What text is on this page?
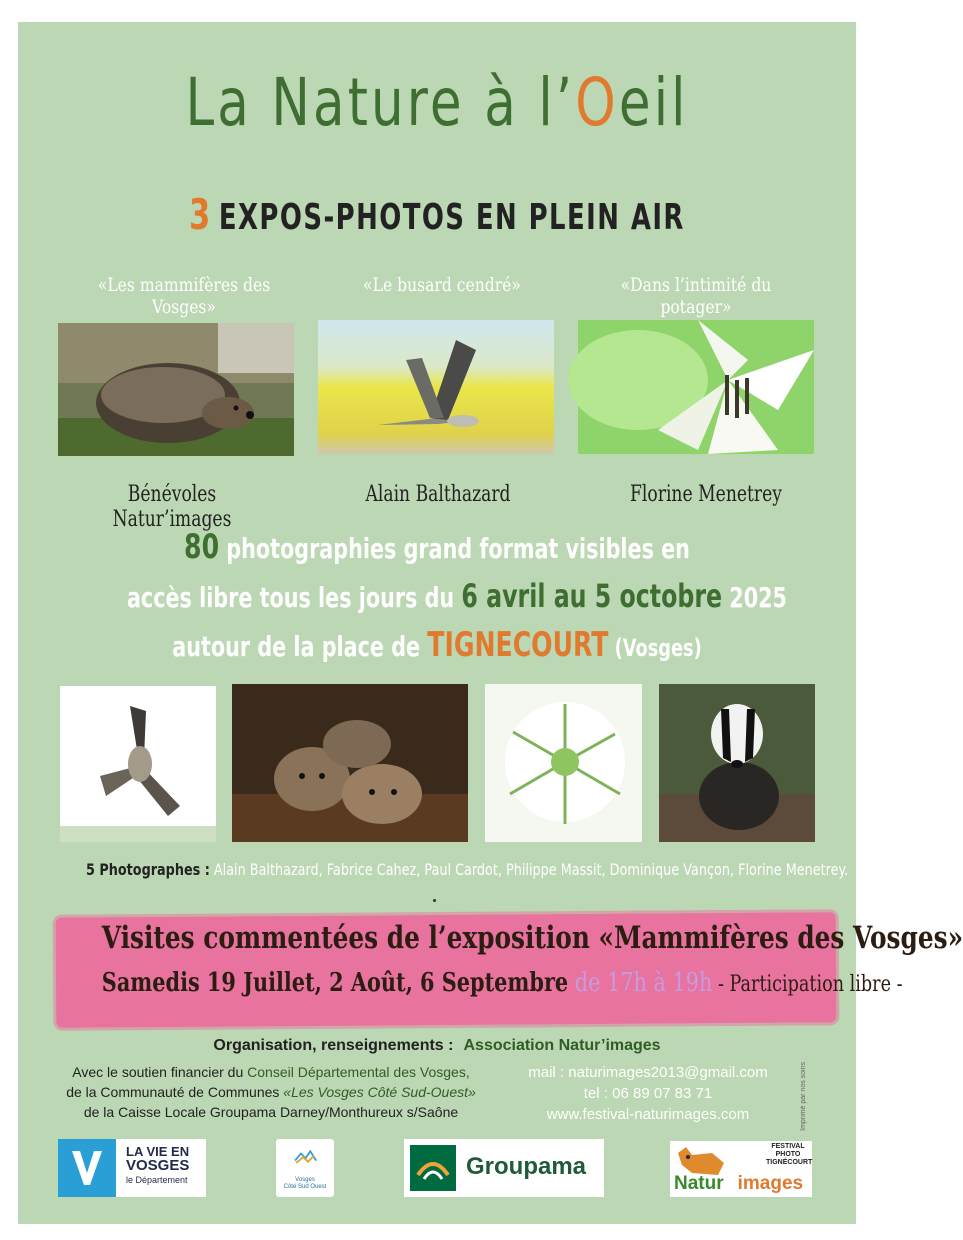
La Nature à l’Oeil
3 EXPOS-PHOTOS EN PLEIN AIR
«Les mammifères des Vosges»
«Le busard cendré»	«Dans l’intimité du potager»
Bénévoles Natur’images
Alain Balthazard	Florine Menetrey
80 photographies grand format visibles en
accès libre tous les jours du 6 avril au 5 octobre 2025
autour de la place de TIGNECOURT (Vosges)
5 Photographes : Alain Balthazard, Fabrice Cahez, Paul Cardot, Philippe Massit, Dominique Vançon, Florine Menetrey.
Visites commentées de l’exposition «Mammifères des Vosges»
Samedis 19 Juillet, 2 Août, 6 Septembre de 17h à 19h - Participation libre -
Organisation, renseignements : Association Natur’images
Avec le soutien financier du Conseil Départemental des Vosges,
de la Communauté de Communes «Les Vosges Côté Sud-Ouest»
de la Caisse Locale Groupama Darney/Monthureux s/Saône
mail : naturimages2013@gmail.com
tel : 06 89 07 83 71
www.festival-naturimages.com	Imprimé par nos soins
LA VIE EN
VOSGES
le Département	Vosges
Côté Sud Ouest
Groupama
FESTIVAL
PHOTO
TIGNÉCOURT
Natur images
